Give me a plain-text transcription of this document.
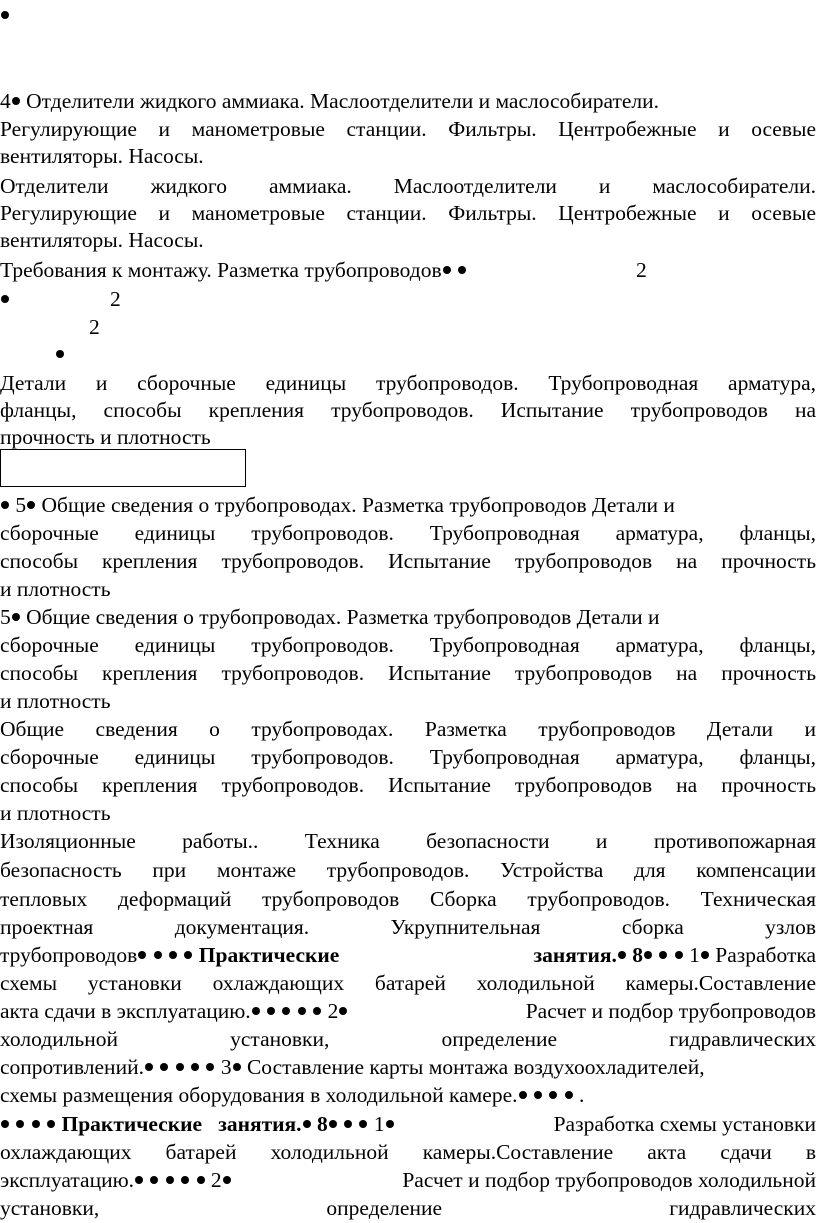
4 Отделители жидкого аммиака. Маслоотделители и маслособиратели.
Регулирующие и манометровые станции. Фильтры. Центробежные и осевые
вентиляторы. Насосы.
Отделители жидкого аммиака. Маслоотделители и маслособиратели.
Регулирующие и манометровые станции. Фильтры. Центробежные и осевые
вентиляторы. Насосы.
Требования к монтажу. Разметка трубопроводов	2
2
2
Детали и сборочные единицы трубопроводов. Трубопроводная арматура,
фланцы, способы крепления трубопроводов. Испытание трубопроводов на
прочность и плотность
5 Общие сведения о трубопроводах. Разметка трубопроводов Детали и
сборочные единицы трубопроводов. Трубопроводная арматура, фланцы,
способы крепления трубопроводов. Испытание трубопроводов на прочность
и плотность
5 Общие сведения о трубопроводах. Разметка трубопроводов Детали и
сборочные единицы трубопроводов. Трубопроводная арматура, фланцы,
способы крепления трубопроводов. Испытание трубопроводов на прочность
и плотность
Общие сведения о трубопроводах. Разметка трубопроводов Детали и
сборочные единицы трубопроводов. Трубопроводная арматура, фланцы,
способы крепления трубопроводов. Испытание трубопроводов на прочность
и плотность
Изоляционные работы.. Техника безопасности и противопожарная
безопасность при монтаже трубопроводов. Устройства для компенсации
тепловых деформаций трубопроводов Сборка трубопроводов. Техническая
проектная документация. Укрупнительная сборка узлов
трубопроводов	Практические	занятия. 8 1 Разработка
схемы установки охлаждающих батарей холодильной камеры.Составление
акта сдачи в эксплуатацию.	2	Расчет и подбор трубопроводов
холодильной установки, определение гидравлических
сопротивлений.	3 Составление карты монтажа воздухоохладителей,
схемы размещения оборудования в холодильной камере.	.
Практические занятия. 8 1	Разработка схемы установки
охлаждающих батарей холодильной камеры.Составление акта сдачи в
эксплуатацию.	2	Расчет и подбор трубопроводов холодильной
установки, определение гидравлических
